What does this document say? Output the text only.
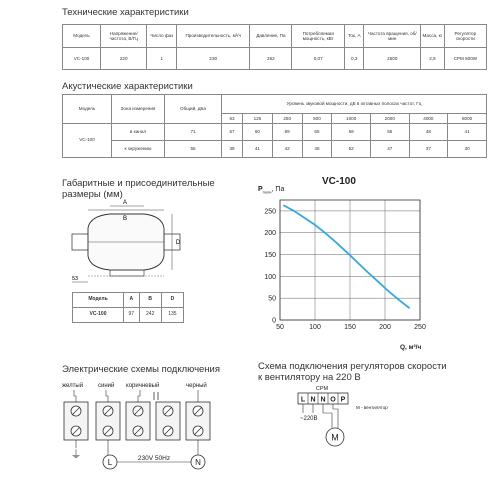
Технические характеристики
Модель	Напряжение/ частота, В/Гц	Число фаз	Производительность, м³/ч	Давление, Па	Потребляемая мощность, кВт	Ток, А	Частота вращения, об/мин	Масса, кг	Регулятор скорости
VC-100	220	1	230	262	0,07	0,3	2500	2,9	CPM 500W
Акустические характеристики
Модель	Зона измерения	Общий, дБа	Уровень звуковой мощности, дБ в октавных полосах частот, Гц							
			63	125	250	500	1000	2000	4000	8000
VC-100	в канал	71	57	60	69	65	59	55	48	41
	к окружению	55	39	41	42	48	52	47	37	30
Габаритные и присоединительные
размеры (мм)
A
B
D
53
Модель	A	B	D
VC-100	97	242	135
VC-100
$P_{полн}$, Па
Q, м³/ч
50	100	150	200	250
0
50
100
150
200
250
Электрические схемы подключения
желтый синий коричневый	черный
⏚
L	N
230V 50Hz
Схема подключения регуляторов скорости
к вентилятору на 220 В
CPM
L N N O P
~220В
M
М - вентилятор
